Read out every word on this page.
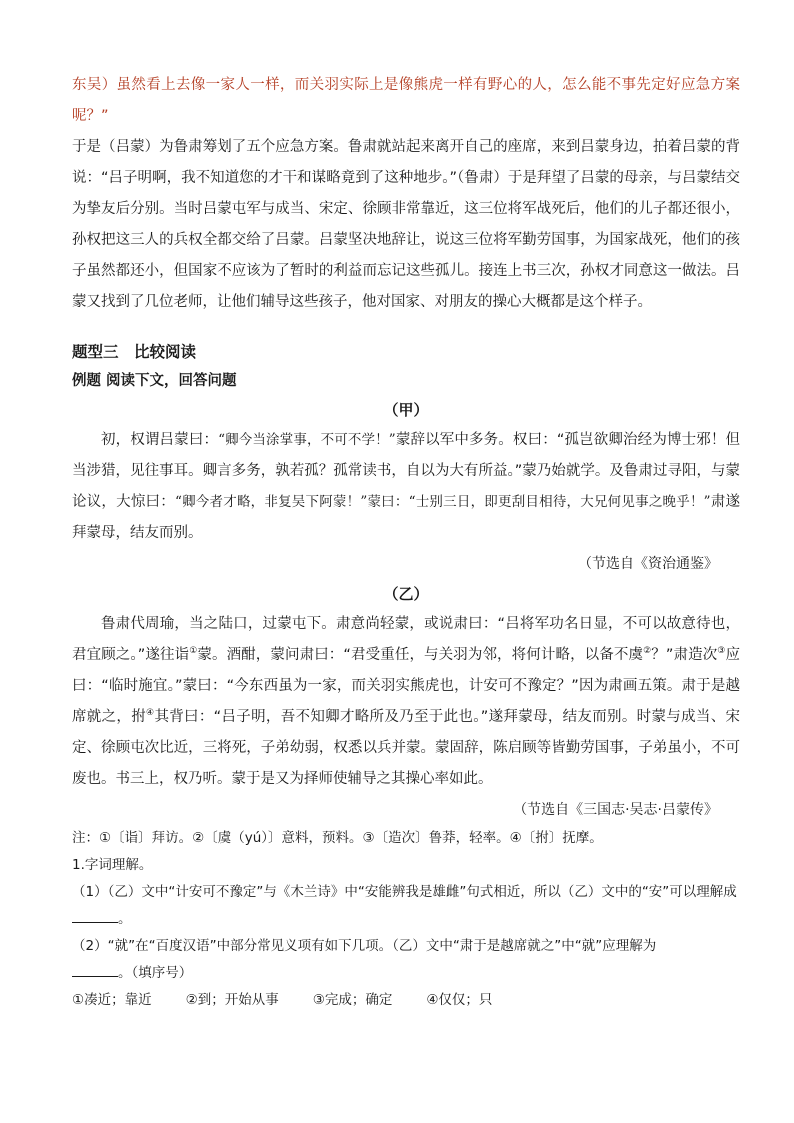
东吴）虽然看上去像一家人一样，而关羽实际上是像熊虎一样有野心的人，怎么能不事先定好应急方案呢？”
于是（吕蒙）为鲁肃筹划了五个应急方案。鲁肃就站起来离开自己的座席，来到吕蒙身边，拍着吕蒙的背说：“吕子明啊，我不知道您的才干和谋略竟到了这种地步。”（鲁肃）于是拜望了吕蒙的母亲，与吕蒙结交为挚友后分别。当时吕蒙屯军与成当、宋定、徐顾非常靠近，这三位将军战死后，他们的儿子都还很小，孙权把这三人的兵权全都交给了吕蒙。吕蒙坚决地辞让，说这三位将军勤劳国事，为国家战死，他们的孩子虽然都还小，但国家不应该为了暂时的利益而忘记这些孤儿。接连上书三次，孙权才同意这一做法。吕蒙又找到了几位老师，让他们辅导这些孩子，他对国家、对朋友的操心大概都是这个样子。

题型三　比较阅读

例题 阅读下文，回答问题

（甲）

初，权谓吕蒙曰：“卿今当涂掌事，不可不学！”蒙辞以军中多务。权曰：“孤岂欲卿治经为博士邪！但当涉猎，见往事耳。卿言多务，孰若孤？孤常读书，自以为大有所益。”蒙乃始就学。及鲁肃过寻阳，与蒙论议，大惊曰：“卿今者才略，非复吴下阿蒙！”蒙曰：“士别三日，即更刮目相待，大兄何见事之晚乎！”肃遂拜蒙母，结友而别。

（节选自《资治通鉴》

（乙）

鲁肃代周瑜，当之陆口，过蒙屯下。肃意尚轻蒙，或说肃曰：“吕将军功名日显，不可以故意待也，君宜顾之。”遂往诣①蒙。酒酣，蒙问肃曰：“君受重任，与关羽为邻，将何计略，以备不虞②？”肃造次③应曰：“临时施宜。”蒙曰：“今东西虽为一家，而关羽实熊虎也，计安可不豫定？”因为肃画五策。肃于是越席就之，拊④其背曰：“吕子明，吾不知卿才略所及乃至于此也。”遂拜蒙母，结友而别。时蒙与成当、宋定、徐顾屯次比近，三将死，子弟幼弱，权悉以兵并蒙。蒙固辞，陈启顾等皆勤劳国事，子弟虽小，不可废也。书三上，权乃听。蒙于是又为择师使辅导之其操心率如此。

（节选自《三国志·吴志·吕蒙传》

注：①〔诣〕拜访。②〔虞（yú）〕意料，预料。③〔造次〕鲁莽，轻率。④〔拊〕抚摩。

1.字词理解。

（1）（乙）文中“计安可不豫定”与《木兰诗》中“安能辨我是雄雌”句式相近，所以（乙）文中的“安”可以理解成。

（2）“就”在“百度汉语”中部分常见义项有如下几项。（乙）文中“肃于是越席就之”中“就”应理解为
。（填序号）

①凑近；靠近	②到；开始从事	③完成；确定	④仅仅；只
